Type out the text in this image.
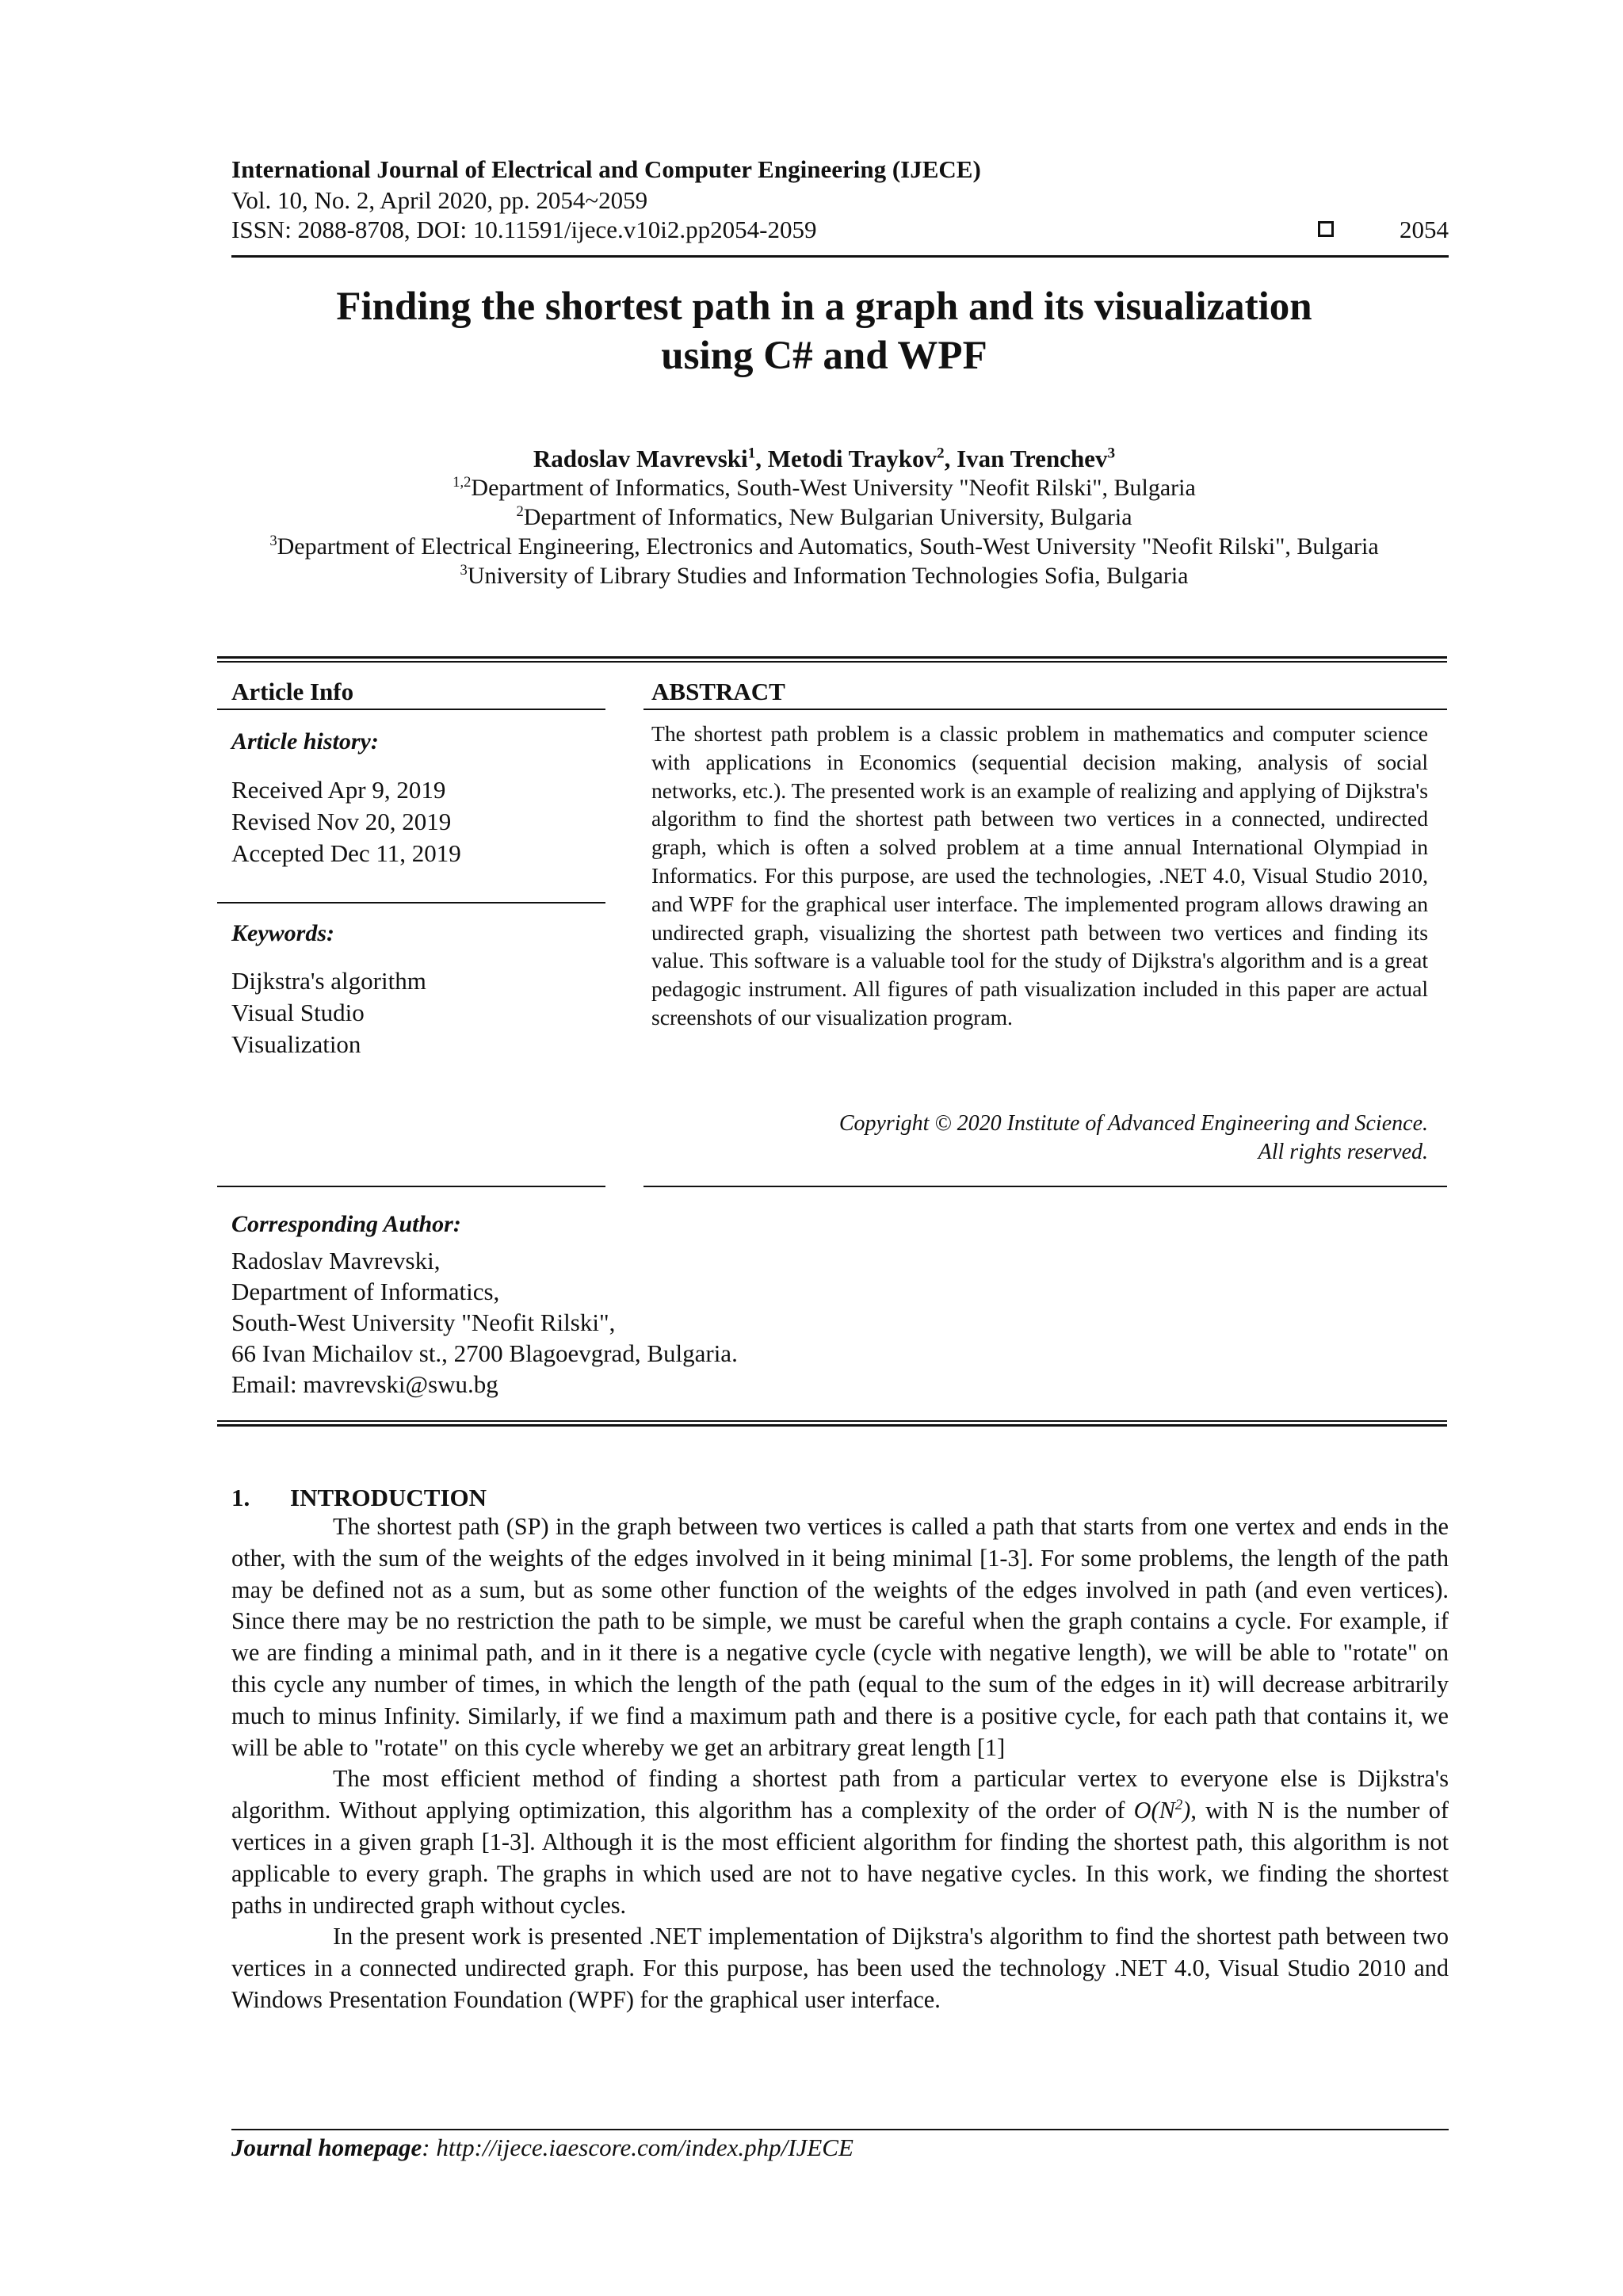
International Journal of Electrical and Computer Engineering (IJECE)
Vol. 10, No. 2, April 2020, pp. 2054~2059
ISSN: 2088-8708, DOI: 10.11591/ijece.v10i2.pp2054-2059	2054
Finding the shortest path in a graph and its visualization
using C# and WPF
Radoslav Mavrevski$^1$, Metodi Traykov$^2$, Ivan Trenchev$^3$
$^{1,2}$Department of Informatics, South-West University "Neofit Rilski", Bulgaria
$^2$Department of Informatics, New Bulgarian University, Bulgaria
$^3$Department of Electrical Engineering, Electronics and Automatics, South-West University "Neofit Rilski", Bulgaria
$^3$University of Library Studies and Information Technologies Sofia, Bulgaria
Article Info
Article history:
Received Apr 9, 2019
Revised Nov 20, 2019
Accepted Dec 11, 2019
Keywords:
Dijkstra's algorithm
Visual Studio
Visualization
ABSTRACT
The shortest path problem is a classic problem in mathematics and computer science with applications in Economics (sequential decision making, analysis of social networks, etc.). The presented work is an example of realizing and applying of Dijkstra's algorithm to find the shortest path between two vertices in a connected, undirected graph, which is often a solved problem at a time annual International Olympiad in Informatics. For this purpose, are used the technologies, .NET 4.0, Visual Studio 2010, and WPF for the graphical user interface. The implemented program allows drawing an undirected graph, visualizing the shortest path between two vertices and finding its value. This software is a valuable tool for the study of Dijkstra's algorithm and is a great pedagogic instrument. All figures of path visualization included in this paper are actual screenshots of our visualization program.
Copyright © 2020 Institute of Advanced Engineering and Science.
All rights reserved.
Corresponding Author:
Radoslav Mavrevski,
Department of Informatics,
South-West University "Neofit Rilski",
66 Ivan Michailov st., 2700 Blagoevgrad, Bulgaria.
Email: mavrevski@swu.bg
1. INTRODUCTION

The shortest path (SP) in the graph between two vertices is called a path that starts from one vertex and ends in the other, with the sum of the weights of the edges involved in it being minimal [1-3]. For some problems, the length of the path may be defined not as a sum, but as some other function of the weights of the edges involved in path (and even vertices). Since there may be no restriction the path to be simple, we must be careful when the graph contains a cycle. For example, if we are finding a minimal path, and in it there is a negative cycle (cycle with negative length), we will be able to "rotate" on this cycle any number of times, in which the length of the path (equal to the sum of the edges in it) will decrease arbitrarily much to minus Infinity. Similarly, if we find a maximum path and there is a positive cycle, for each path that contains it, we will be able to "rotate" on this cycle whereby we get an arbitrary great length [1]

The most efficient method of finding a shortest path from a particular vertex to everyone else is Dijkstra's algorithm. Without applying optimization, this algorithm has a complexity of the order of $O(N^2)$, with N is the number of vertices in a given graph [1-3]. Although it is the most efficient algorithm for finding the shortest path, this algorithm is not applicable to every graph. The graphs in which used are not to have negative cycles. In this work, we finding the shortest paths in undirected graph without cycles.

In the present work is presented .NET implementation of Dijkstra's algorithm to find the shortest path between two vertices in a connected undirected graph. For this purpose, has been used the technology .NET 4.0, Visual Studio 2010 and Windows Presentation Foundation (WPF) for the graphical user interface.

Journal homepage: http://ijece.iaescore.com/index.php/IJECE
